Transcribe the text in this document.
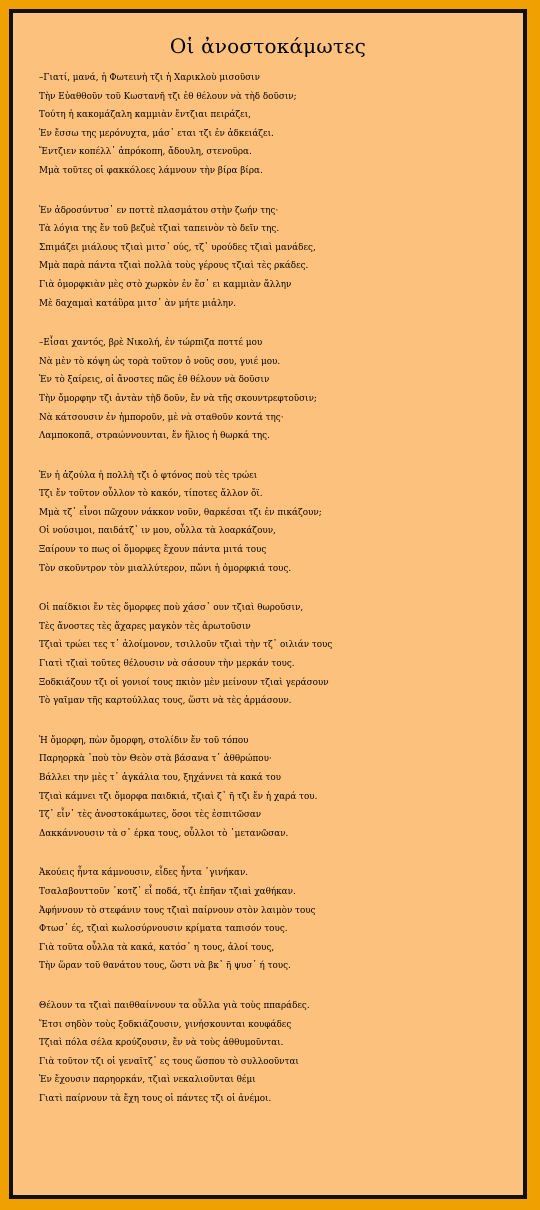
Οἱ ἀνοστοκάμωτες
–Γιατί, μανά, ἡ Φωτεινὴ τζι ἡ Χαρικλοὺ μισοῦσιν
Τὴν Εὐαθθοῦν τοῦ Κωστανῆ τζι ἐθ θέλουν νὰ τὴδ δοῦσιν;
Τούτη ἡ κακομάζαλη καμμιὰν ἔντζιαι πειράζει,
Ἐν ἔσσω της μερόνυχτα, μάσ᾿ εται τζι ἐν ἀδκειάζει.
Ἔντζιεν κοπέλλ᾿ ἀπρόκοπη, ἄδουλη, στενοῦρα.
Μμὰ τοῦτες οἱ φακκόλοες λάμνουν τὴν βίρα βίρα.
Ἐν ἀδροσύντυσ᾿ εν ποττὲ πλασμάτου στὴν ζωήν της·
Τὰ λόγια της ἔν τοῦ βεζυὲ τζιαὶ ταπεινὸν τὸ δεῖν της.
Σπιμάζει μιάλους τζιαὶ μιτσ᾿ ούς, τζ᾿ υρούδες τζιαὶ μανάδες,
Μμὰ παρὰ πάντα τζιαὶ πολλὰ τοὺς γέρους τζιαὶ τὲς ρκάδες.
Γιὰ ὀμορφκιὰν μὲς στὸ χωρκὸν ἐν ἔσ᾿ ει καμμιὰν ἄλλην
Μὲ δαχαμαὶ κατάὒρα μιτσ᾿ ὰν μήτε μιἀλην.
–Εἶσαι χαντός, βρὲ Νικολή, ἐν τώρπιζα ποττέ μου
Νὰ μὲν τὸ κόψη ὡς τορὰ τοῦτον ὁ νοῦς σου, γυιέ μου.
Ἐν τὸ ξαίρεις, οἱ ἄνοστες πῶς ἐθ θέλουν νὰ δοῦσιν
Τὴν ὄμορφην τζι ἀντὰν τὴδ δοῦν, ἔν νὰ τῆς σκουντρεφτοῦσιν;
Νὰ κάτσουσιν ἐν ἠμποροῦν, μὲ νὰ σταθοῦν κοντά της·
Λαμποκοπᾶ, στραώννουνται, ἔν ἥλιος ἡ θωρκά της.
Ἐν ἡ ἀζούλα ἡ πολλὴ τζι ὁ φτόνος ποὺ τὲς τρώει
Τζι ἔν τοῦτον οὗλλον τὸ κακόν, τίποτες ἄλλον ὄϊ.
Μμὰ τζ᾿ εἶνοι πῶχουν νάκκον νοῦν, θαρκέσαι τζι ἐν πικάζουν;
Οἱ νούσιμοι, παιδάτζ᾿ ιν μου, οὗλλα τὰ λοαρκάζουν,
Ξαίρουν το πως οἱ ὄμορφες ἔχουν πάντα μιτά τους
Τὸν σκοῦντρον τὸν μιαλλύτερον, πὤνι ἡ ὀμορφκιά τους.
Οἱ παίδκιοι ἔν τὲς ὄμορφες ποὺ χάσσ᾿ ουν τζιαὶ θωροῦσιν,
Τὲς ἄνοστες τὲς ἄχαρες μαγκὸν τὲς ἀρωτοῦσιν
Τζιαὶ τρώει τες τ᾿ ἀλοίμονον, τσιλλοῦν τζιαὶ τὴν τζ᾿ οιλιάν τους
Γιατὶ τζιαὶ τοῦτες θέλουσιν νὰ σάσουν τὴν μερκάν τους.
Ξοδκιάζουν τζι οἱ γονιοί τους πκιὸν μὲν μείνουν τζιαὶ γεράσουν
Τὸ γαῖμαν τῆς καρτούλλας τους, ὥστι νὰ τὲς ἁρμάσουν.
Ἡ ὄμορφη, πὼν ὄμορφη, στολίδιν ἔν τοῦ τόπου
Παρηορκὰ ᾿ποὺ τὸν Θεὸν στὰ βάσανα τ᾿ ἀθθρώπου·
Βάλλει την μὲς τ᾿ ἀγκάλια του, ξηχάννει τὰ κακά του
Τζιαὶ κάμνει τζι ὄμορφα παιδκιά, τζιαὶ ζ᾿ ῆ τζι ἔν ἡ χαρά του.
Τζ᾿ εἶν᾿ τὲς ἀνοστοκάμωτες, ὅσοι τὲς ἐσπιτῶσαν
Δακκάννουσιν τὰ σ᾿ έρκα τους, οὗλλοι τὸ ᾿μετανῶσαν.
Ἀκούεις ἦντα κάμνουσιν, εἶδες ἦντα ᾿γινήκαν.
Τσαλαβουττοῦν ᾿κοτζ᾿ εἶ ποδά, τζι ἐπῆαν τζιαὶ χαθήκαν.
Ἀφήννουν τὸ στεφάνιν τους τζιαὶ παίρνουν στὸν λαιμὸν τους
Φτωσ᾿ ές, τζιαὶ κωλοσύρνουσιν κρίματα ταπισόν τους.
Γιὰ τοῦτα οὗλλα τὰ κακά, κατόσ᾿ η τους, ἀλοί τους,
Τὴν ὥραν τοῦ θανάτου τους, ὥστι νὰ βκ᾿ ῆ ψυσ᾿ ή τους.
Θέλουν τα τζιαὶ παιθθαίννουν τα οὗλλα γιὰ τοὺς ππαράδες.
Ἔτσι σηδὸν τοὺς ξοδκιάζουσιν, γινήσκουνται κουφάδες
Τζιαὶ πόλα σέλα κρούζουσιν, ἔν νὰ τοὺς ἀθθυμοῦνται.
Γιὰ τοῦτον τζι οἱ γεναῖτζ᾿ ες τους ὥσπου τὸ συλλοοῦνται
Ἐν ἔχουσιν παρηορκάν, τζιαὶ νεκαλιοῦνται θέμι
Γιατὶ παίρνουν τὰ ἔχη τους οἱ πάντες τζι οἱ ἀνέμοι.
